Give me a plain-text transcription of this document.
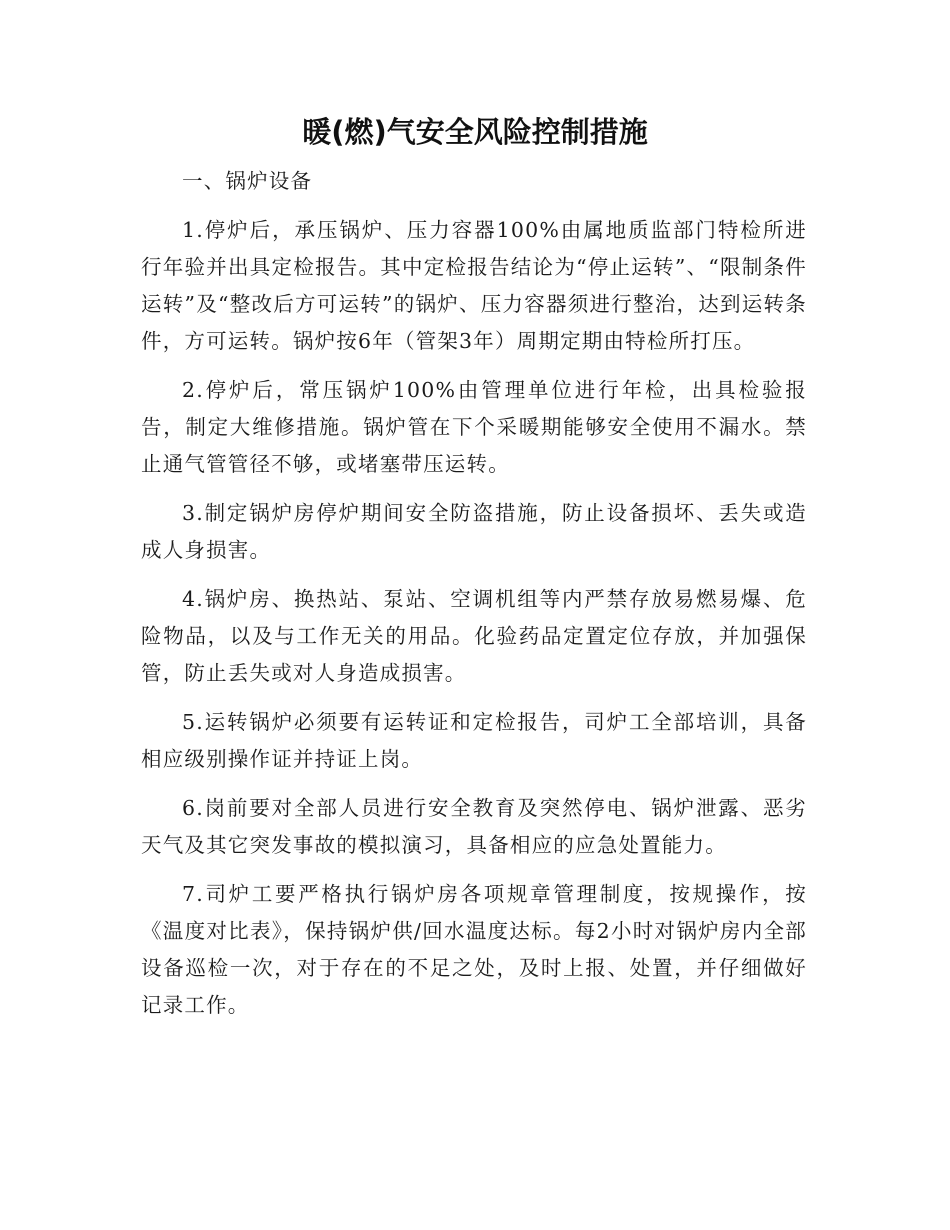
暖(燃)气安全风险控制措施

一、锅炉设备

1.停炉后，承压锅炉、压力容器100%由属地质监部门特检所进行年验并出具定检报告。其中定检报告结论为“停止运转”、“限制条件运转”及“整改后方可运转”的锅炉、压力容器须进行整治，达到运转条件，方可运转。锅炉按6年（管架3年）周期定期由特检所打压。

2.停炉后，常压锅炉100%由管理单位进行年检，出具检验报告，制定大维修措施。锅炉管在下个采暖期能够安全使用不漏水。禁止通气管管径不够，或堵塞带压运转。

3.制定锅炉房停炉期间安全防盗措施，防止设备损坏、丢失或造成人身损害。

4.锅炉房、换热站、泵站、空调机组等内严禁存放易燃易爆、危险物品，以及与工作无关的用品。化验药品定置定位存放，并加强保管，防止丢失或对人身造成损害。

5.运转锅炉必须要有运转证和定检报告，司炉工全部培训，具备相应级别操作证并持证上岗。

6.岗前要对全部人员进行安全教育及突然停电、锅炉泄露、恶劣天气及其它突发事故的模拟演习，具备相应的应急处置能力。

7.司炉工要严格执行锅炉房各项规章管理制度，按规操作，按《温度对比表》，保持锅炉供/回水温度达标。每2小时对锅炉房内全部设备巡检一次，对于存在的不足之处，及时上报、处置，并仔细做好记录工作。
